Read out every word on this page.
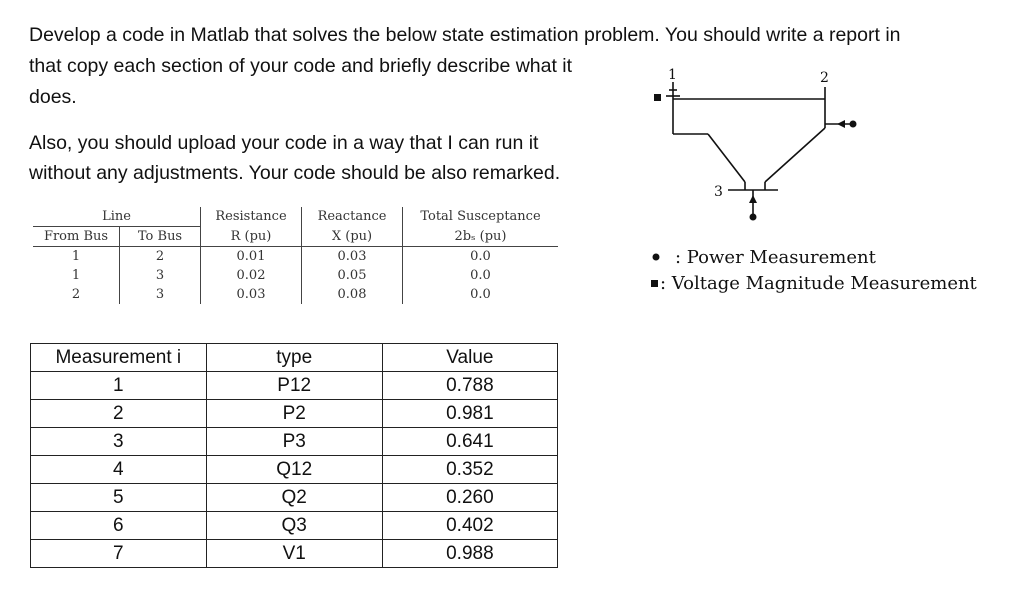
Develop a code in Matlab that solves the below state estimation problem. You should write a report in
that copy each section of your code and briefly describe what it
does.

Also, you should upload your code in a way that I can run it
without any adjustments. Your code should be also remarked.

Line		Resistance	Reactance	Total Susceptance
From Bus	To Bus	R (pu)	X (pu)	2bₛ (pu)
1	2	0.01	0.03	0.0
1	3	0.02	0.05	0.0
2	3	0.03	0.08	0.0
Measurement i	type	Value
1	P12	0.788
2	P2	0.981
3	P3	0.641
4	Q12	0.352
5	Q2	0.260
6	Q3	0.402
7	V1	0.988
1	2
3
: Power Measurement
: Voltage Magnitude Measurement
